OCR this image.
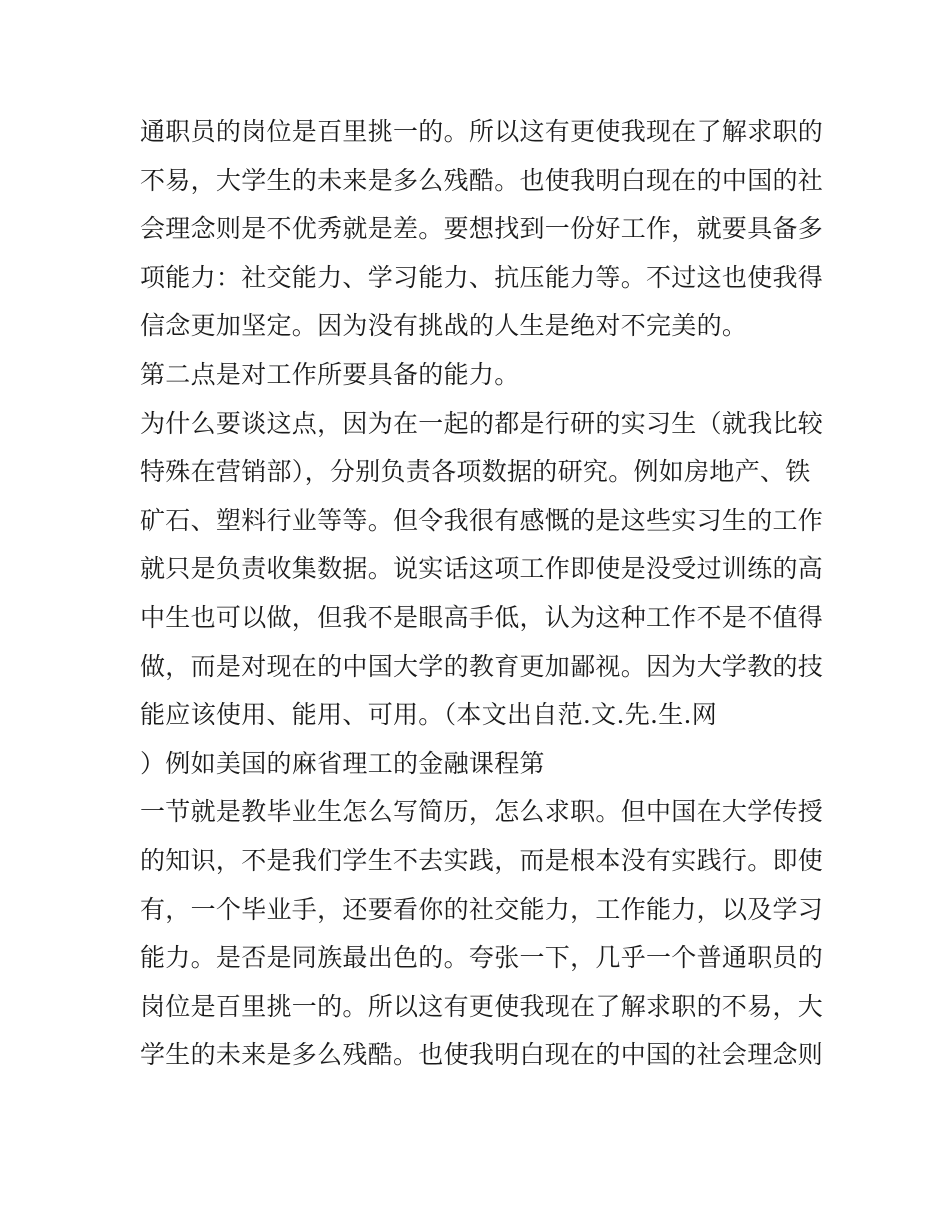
通职员的岗位是百里挑一的。所以这有更使我现在了解求职的
不易，大学生的未来是多么残酷。也使我明白现在的中国的社
会理念则是不优秀就是差。要想找到一份好工作，就要具备多
项能力：社交能力、学习能力、抗压能力等。不过这也使我得
信念更加坚定。因为没有挑战的人生是绝对不完美的。
第二点是对工作所要具备的能力。
为什么要谈这点，因为在一起的都是行研的实习生（就我比较
特殊在营销部），分别负责各项数据的研究。例如房地产、铁
矿石、塑料行业等等。但令我很有感慨的是这些实习生的工作
就只是负责收集数据。说实话这项工作即使是没受过训练的高
中生也可以做，但我不是眼高手低，认为这种工作不是不值得
做，而是对现在的中国大学的教育更加鄙视。因为大学教的技
能应该使用、能用、可用。（本文出自范.文.先.生.网
）例如美国的麻省理工的金融课程第
一节就是教毕业生怎么写简历，怎么求职。但中国在大学传授
的知识，不是我们学生不去实践，而是根本没有实践行。即使
有，一个毕业手，还要看你的社交能力，工作能力，以及学习
能力。是否是同族最出色的。夸张一下，几乎一个普通职员的
岗位是百里挑一的。所以这有更使我现在了解求职的不易，大
学生的未来是多么残酷。也使我明白现在的中国的社会理念则
